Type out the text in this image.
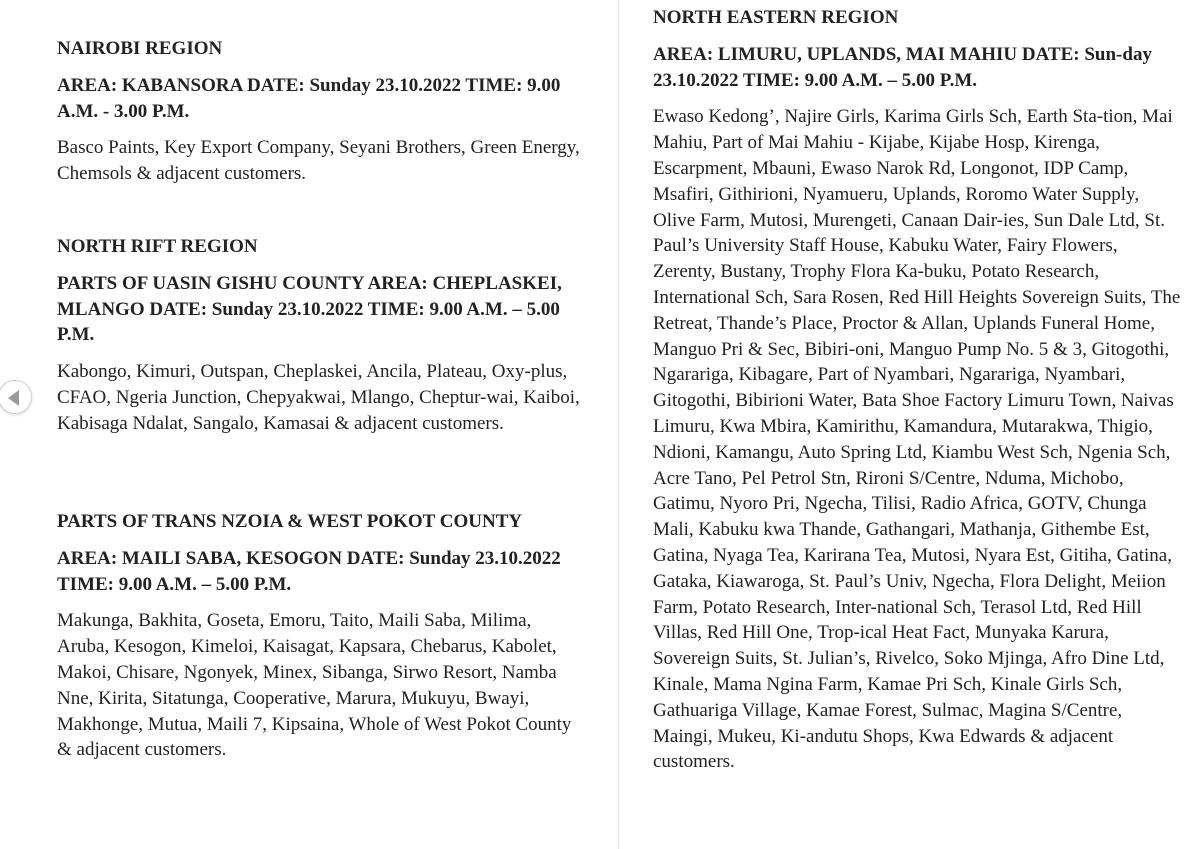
NAIROBI REGION

AREA: KABANSORA DATE: Sunday 23.10.2022 TIME: 9.00 A.M. - 3.00 P.M.

Basco Paints, Key Export Company, Seyani Brothers, Green Energy, Chemsols & adjacent customers.

NORTH RIFT REGION

PARTS OF UASIN GISHU COUNTY AREA: CHEPLASKEI, MLANGO DATE: Sunday 23.10.2022 TIME: 9.00 A.M. – 5.00 P.M.

Kabongo, Kimuri, Outspan, Cheplaskei, Ancila, Plateau, Oxy-plus, CFAO, Ngeria Junction, Chepyakwai, Mlango, Cheptur-wai, Kaiboi, Kabisaga Ndalat, Sangalo, Kamasai & adjacent customers.

PARTS OF TRANS NZOIA & WEST POKOT COUNTY

AREA: MAILI SABA, KESOGON DATE: Sunday 23.10.2022 TIME: 9.00 A.M. – 5.00 P.M.

Makunga, Bakhita, Goseta, Emoru, Taito, Maili Saba, Milima, Aruba, Kesogon, Kimeloi, Kaisagat, Kapsara, Chebarus, Kabolet, Makoi, Chisare, Ngonyek, Minex, Sibanga, Sirwo Resort, Namba Nne, Kirita, Sitatunga, Cooperative, Marura, Mukuyu, Bwayi, Makhonge, Mutua, Maili 7, Kipsaina, Whole of West Pokot County & adjacent customers.

NORTH EASTERN REGION

AREA: LIMURU, UPLANDS, MAI MAHIU DATE: Sun-day 23.10.2022 TIME: 9.00 A.M. – 5.00 P.M.

Ewaso Kedong’, Najire Girls, Karima Girls Sch, Earth Sta-tion, Mai Mahiu, Part of Mai Mahiu - Kijabe, Kijabe Hosp, Kirenga, Escarpment, Mbauni, Ewaso Narok Rd, Longonot, IDP Camp, Msafiri, Githirioni, Nyamueru, Uplands, Roromo Water Supply, Olive Farm, Mutosi, Murengeti, Canaan Dair-ies, Sun Dale Ltd, St. Paul’s University Staff House, Kabuku Water, Fairy Flowers, Zerenty, Bustany, Trophy Flora Ka-buku, Potato Research, International Sch, Sara Rosen, Red Hill Heights Sovereign Suits, The Retreat, Thande’s Place, Proctor & Allan, Uplands Funeral Home, Manguo Pri & Sec, Bibiri-oni, Manguo Pump No. 5 & 3, Gitogothi, Ngarariga, Kibagare, Part of Nyambari, Ngarariga, Nyambari, Gitogothi, Bibirioni Water, Bata Shoe Factory Limuru Town, Naivas Limuru, Kwa Mbira, Kamirithu, Kamandura, Mutarakwa, Thigio, Ndioni, Kamangu, Auto Spring Ltd, Kiambu West Sch, Ngenia Sch, Acre Tano, Pel Petrol Stn, Rironi S/Centre, Nduma, Michobo, Gatimu, Nyoro Pri, Ngecha, Tilisi, Radio Africa, GOTV, Chunga Mali, Kabuku kwa Thande, Gathangari, Mathanja, Githembe Est, Gatina, Nyaga Tea, Karirana Tea, Mutosi, Nyara Est, Gitiha, Gatina, Gataka, Kiawaroga, St. Paul’s Univ, Ngecha, Flora Delight, Meiion Farm, Potato Research, Inter-national Sch, Terasol Ltd, Red Hill Villas, Red Hill One, Trop-ical Heat Fact, Munyaka Karura, Sovereign Suits, St. Julian’s, Rivelco, Soko Mjinga, Afro Dine Ltd, Kinale, Mama Ngina Farm, Kamae Pri Sch, Kinale Girls Sch, Gathuariga Village, Kamae Forest, Sulmac, Magina S/Centre, Maingi, Mukeu, Ki-andutu Shops, Kwa Edwards & adjacent customers.
